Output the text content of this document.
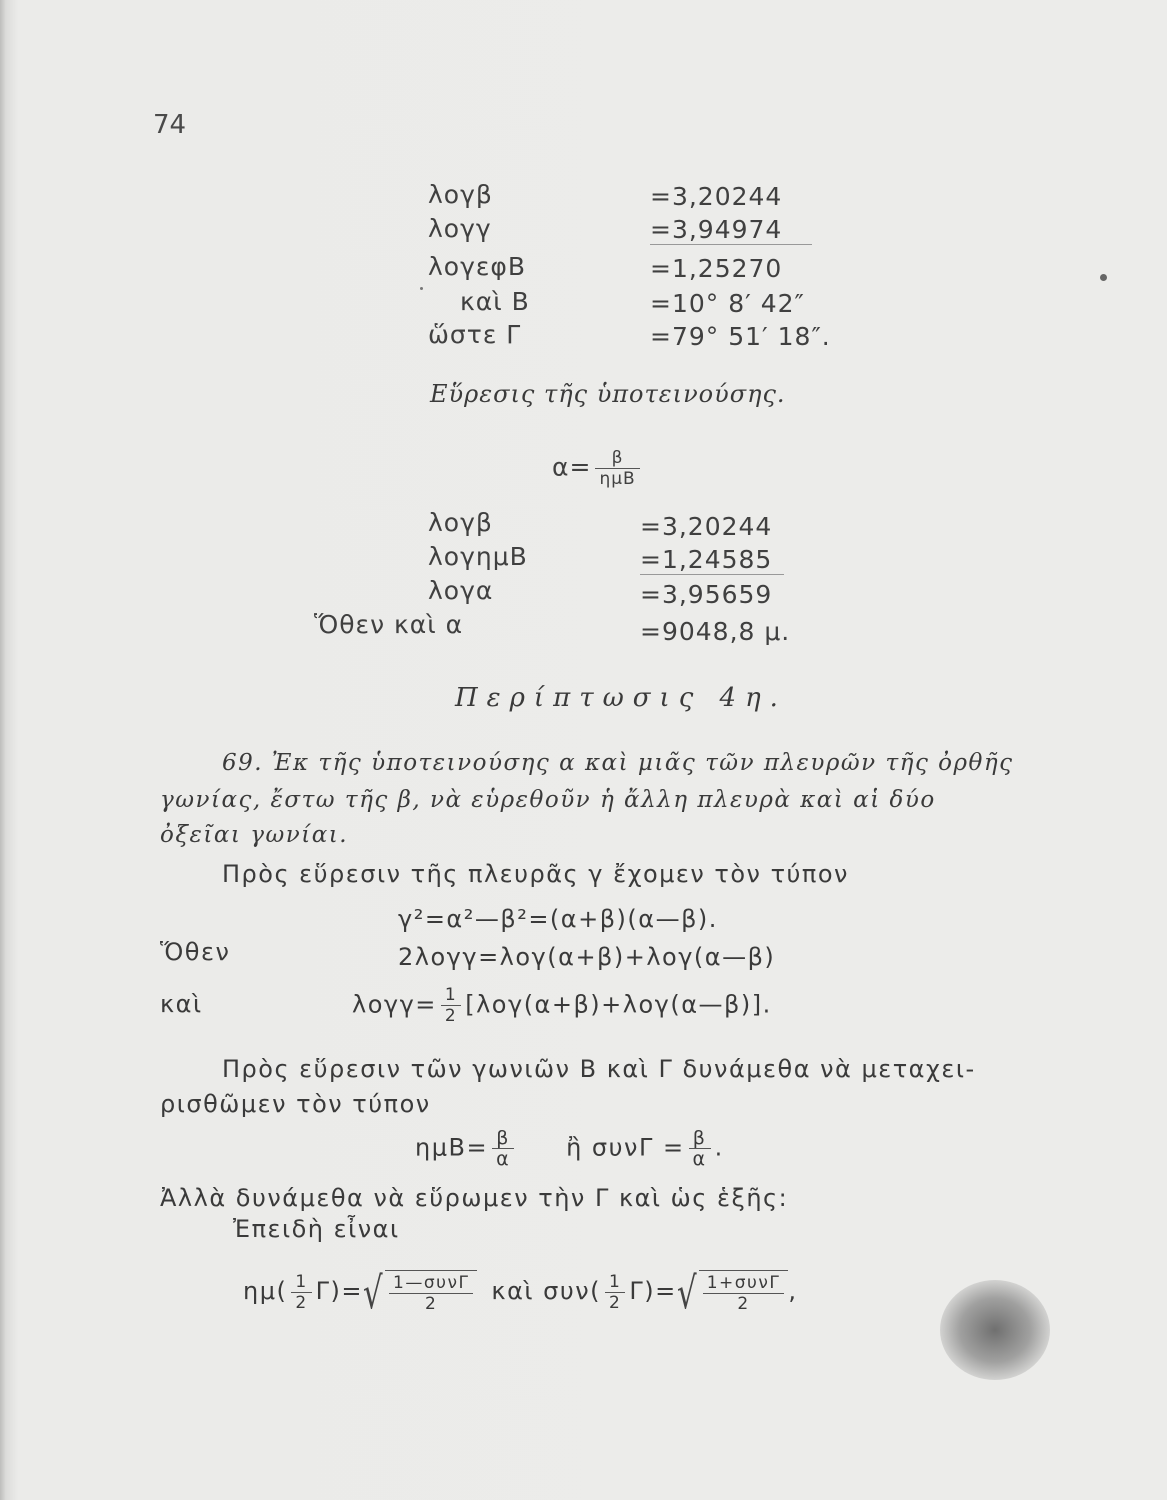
74
λογβ	=3,20244
λογγ	=3,94974
λογεφΒ	=1,25270
καὶ Β	=10° 8′ 42″
ὥστε Γ	=79° 51′ 18″.
Εὕρεσις τῆς ὑποτεινούσης.
$\alpha= \frac{\beta}{\text{ημΒ}}$
λογβ	=3,20244
λογημΒ	=1,24585
λογα	=3,95659
Ὅθεν καὶ α	=9048,8 μ.
Περίπτωσις 4η.
69. Ἐκ τῆς ὑποτεινούσης α καὶ μιᾶς τῶν πλευρῶν τῆς ὀρθῆς
γωνίας, ἔστω τῆς β, νὰ εὑρεθοῦν ἡ ἄλλη πλευρὰ καὶ αἱ δύο
ὀξεῖαι γωνίαι.
Πρὸς εὕρεσιν τῆς πλευρᾶς γ ἔχομεν τὸν τύπον
γ²=α²—β²=(α+β)(α—β).
Ὅθεν	2λογγ=λογ(α+β)+λογ(α—β)
καὶ	$\lambda o\gamma\gamma= \frac{1}{2}$ [λογ(α+β)+λογ(α—β)].
Πρὸς εὕρεσιν τῶν γωνιῶν Β καὶ Γ δυνάμεθα νὰ μεταχει-
ρισθῶμεν τὸν τύπον
$\eta\mu B= \frac{\beta}{\alpha}$ ἢ $\sigma\upsilon\nu\Gamma = \frac{\beta}{\alpha}$ .
Ἀλλὰ δυνάμεθα νὰ εὕρωμεν τὴν Γ καὶ ὡς ἑξῆς:
Ἐπειδὴ εἶναι
$\eta\mu( \frac{1}{2} \Gamma)=$ √ $\frac{\text{1—συνΓ}}{2}$ καὶ $\sigma\upsilon\nu( \frac{1}{2} \Gamma)=$ √ $\frac{\text{1+συνΓ}}{2}$ ,
